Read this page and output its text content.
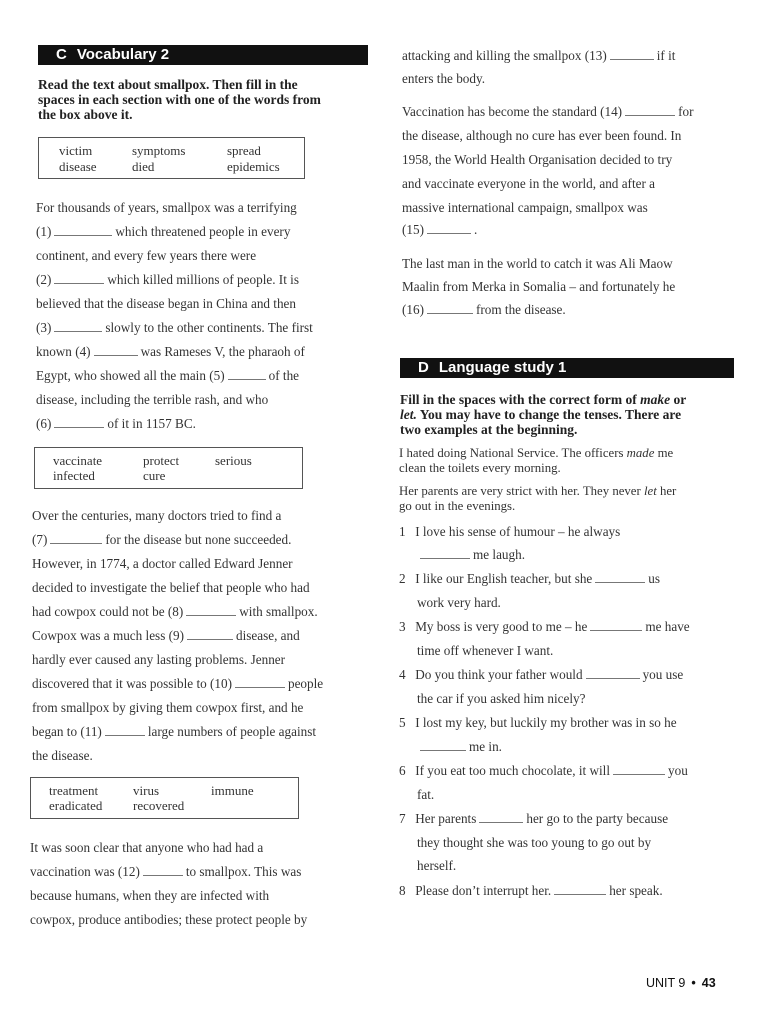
C Vocabulary 2
Read the text about smallpox. Then fill in the
spaces in each section with one of the words from
the box above it.
victim	symptoms	spread
disease	died	epidemics
For thousands of years, smallpox was a terrifying
(1)	which threatened people in every
continent, and every few years there were
(2)	which killed millions of people. It is
believed that the disease began in China and then
(3)	slowly to the other continents. The first
known (4)	was Rameses V, the pharaoh of
Egypt, who showed all the main (5)	of the
disease, including the terrible rash, and who
(6)	of it in 1157 BC.
vaccinate	protect	serious
infected	cure
Over the centuries, many doctors tried to find a
(7)	for the disease but none succeeded.
However, in 1774, a doctor called Edward Jenner
decided to investigate the belief that people who had
had cowpox could not be (8)	with smallpox.
Cowpox was a much less (9)	disease, and
hardly ever caused any lasting problems. Jenner
discovered that it was possible to (10)	people
from smallpox by giving them cowpox first, and he
began to (11)	large numbers of people against
the disease.
treatment	virus	immune
eradicated recovered
It was soon clear that anyone who had had a
vaccination was (12)	to smallpox. This was
because humans, when they are infected with
cowpox, produce antibodies; these protect people by
attacking and killing the smallpox (13)	if it
enters the body.
Vaccination has become the standard (14)	for
the disease, although no cure has ever been found. In
1958, the World Health Organisation decided to try
and vaccinate everyone in the world, and after a
massive international campaign, smallpox was
(15)	.
The last man in the world to catch it was Ali Maow
Maalin from Merka in Somalia – and fortunately he
(16)	from the disease.
D Language study 1
Fill in the spaces with the correct form of make or
let. You may have to change the tenses. There are
two examples at the beginning.
I hated doing National Service. The officers made me
clean the toilets every morning.
Her parents are very strict with her. They never let her
go out in the evenings.
1 I love his sense of humour – he always
me laugh.
2 I like our English teacher, but she	us
work very hard.
3 My boss is very good to me – he	me have
time off whenever I want.
4 Do you think your father would	you use
the car if you asked him nicely?
5 I lost my key, but luckily my brother was in so he
me in.
6 If you eat too much chocolate, it will	you
fat.
7 Her parents	her go to the party because
they thought she was too young to go out by
herself.
8 Please don’t interrupt her.	her speak.
UNIT 9 • 43
